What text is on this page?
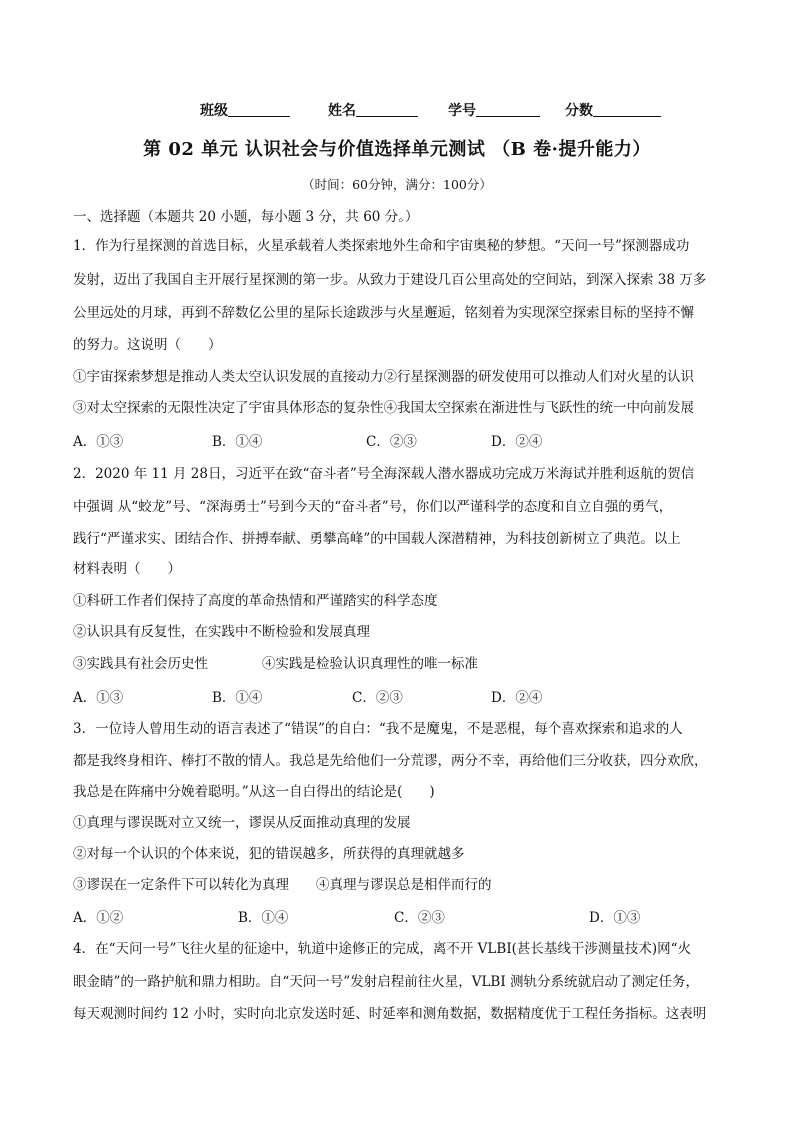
班级	姓名	学号	分数
第 02 单元 认识社会与价值选择单元测试 （B 卷·提升能力）
（时间：60分钟，满分：100分）
一、选择题（本题共 20 小题，每小题 3 分，共 60 分。）
1．作为行星探测的首选目标，火星承载着人类探索地外生命和宇宙奥秘的梦想。“天问一号”探测器成功
发射，迈出了我国自主开展行星探测的第一步。从致力于建设几百公里高处的空间站，到深入探索 38 万多
公里远处的月球，再到不辞数亿公里的星际长途跋涉与火星邂逅，铭刻着为实现深空探索目标的坚持不懈
的努力。这说明（　　）
①宇宙探索梦想是推动人类太空认识发展的直接动力②行星探测器的研发使用可以推动人们对火星的认识
③对太空探索的无限性决定了宇宙具体形态的复杂性④我国太空探索在渐进性与飞跃性的统一中向前发展
A．①③	B．①④	C．②③	D．②④
2．2020 年 11 月 28日，习近平在致“奋斗者”号全海深载人潜水器成功完成万米海试并胜利返航的贺信
中强调 从“蛟龙”号、“深海勇士”号到今天的“奋斗者”号，你们以严谨科学的态度和自立自强的勇气，
践行“严谨求实、团结合作、拼搏奉献、勇攀高峰”的中国载人深潜精神，为科技创新树立了典范。以上
材料表明（　　）
①科研工作者们保持了高度的革命热情和严谨踏实的科学态度
②认识具有反复性，在实践中不断检验和发展真理
③实践具有社会历史性　　　　④实践是检验认识真理性的唯一标准
A．①③	B．①④	C．②③	D．②④
3．一位诗人曾用生动的语言表述了“错误”的自白：“我不是魔鬼，不是恶棍，每个喜欢探索和追求的人
都是我终身相许、棒打不散的情人。我总是先给他们一分荒谬，两分不幸，再给他们三分收获，四分欢欣，
我总是在阵痛中分娩着聪明。”从这一自白得出的结论是(　　)
①真理与谬误既对立又统一，谬误从反面推动真理的发展
②对每一个认识的个体来说，犯的错误越多，所获得的真理就越多
③谬误在一定条件下可以转化为真理　　④真理与谬误总是相伴而行的
A．①②	B．①④	C．②③	D．①③
4．在“天问一号”飞往火星的征途中，轨道中途修正的完成，离不开 VLBI(甚长基线干涉测量技术)网“火
眼金睛”的一路护航和鼎力相助。自“天问一号”发射启程前往火星，VLBI 测轨分系统就启动了测定任务，
每天观测时间约 12 小时，实时向北京发送时延、时延率和测角数据，数据精度优于工程任务指标。这表明
